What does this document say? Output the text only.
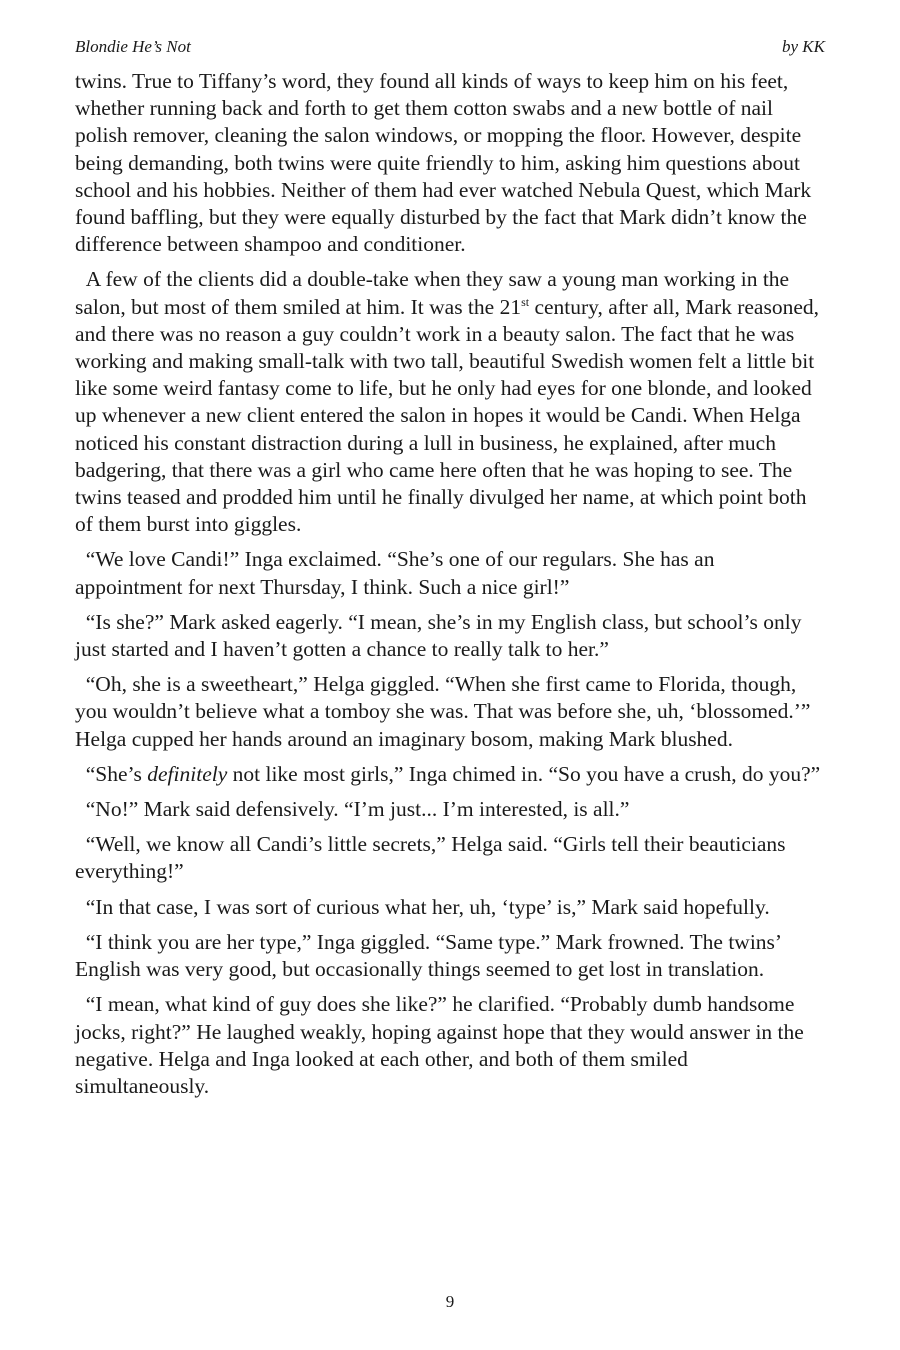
Blondie He’s Not	by KK

twins. True to Tiffany’s word, they found all kinds of ways to keep him on his feet, whether running back and forth to get them cotton swabs and a new bottle of nail polish remover, cleaning the salon windows, or mopping the floor. However, despite being demanding, both twins were quite friendly to him, asking him questions about school and his hobbies. Neither of them had ever watched Nebula Quest, which Mark found baffling, but they were equally disturbed by the fact that Mark didn’t know the difference between shampoo and conditioner.

A few of the clients did a double-take when they saw a young man working in the salon, but most of them smiled at him. It was the 21st century, after all, Mark reasoned, and there was no reason a guy couldn’t work in a beauty salon. The fact that he was working and making small-talk with two tall, beautiful Swedish women felt a little bit like some weird fantasy come to life, but he only had eyes for one blonde, and looked up whenever a new client entered the salon in hopes it would be Candi. When Helga noticed his constant distraction during a lull in business, he explained, after much badgering, that there was a girl who came here often that he was hoping to see. The twins teased and prodded him until he finally divulged her name, at which point both of them burst into giggles.

“We love Candi!” Inga exclaimed. “She’s one of our regulars. She has an appointment for next Thursday, I think. Such a nice girl!”

“Is she?” Mark asked eagerly. “I mean, she’s in my English class, but school’s only just started and I haven’t gotten a chance to really talk to her.”

“Oh, she is a sweetheart,” Helga giggled. “When she first came to Florida, though, you wouldn’t believe what a tomboy she was. That was before she, uh, ‘blossomed.’” Helga cupped her hands around an imaginary bosom, making Mark blushed.

“She’s definitely not like most girls,” Inga chimed in. “So you have a crush, do you?”

“No!” Mark said defensively. “I’m just... I’m interested, is all.”

“Well, we know all Candi’s little secrets,” Helga said. “Girls tell their beauticians everything!”

“In that case, I was sort of curious what her, uh, ‘type’ is,” Mark said hopefully.

“I think you are her type,” Inga giggled. “Same type.” Mark frowned. The twins’ English was very good, but occasionally things seemed to get lost in translation.

“I mean, what kind of guy does she like?” he clarified. “Probably dumb handsome jocks, right?” He laughed weakly, hoping against hope that they would answer in the negative. Helga and Inga looked at each other, and both of them smiled simultaneously.

9
